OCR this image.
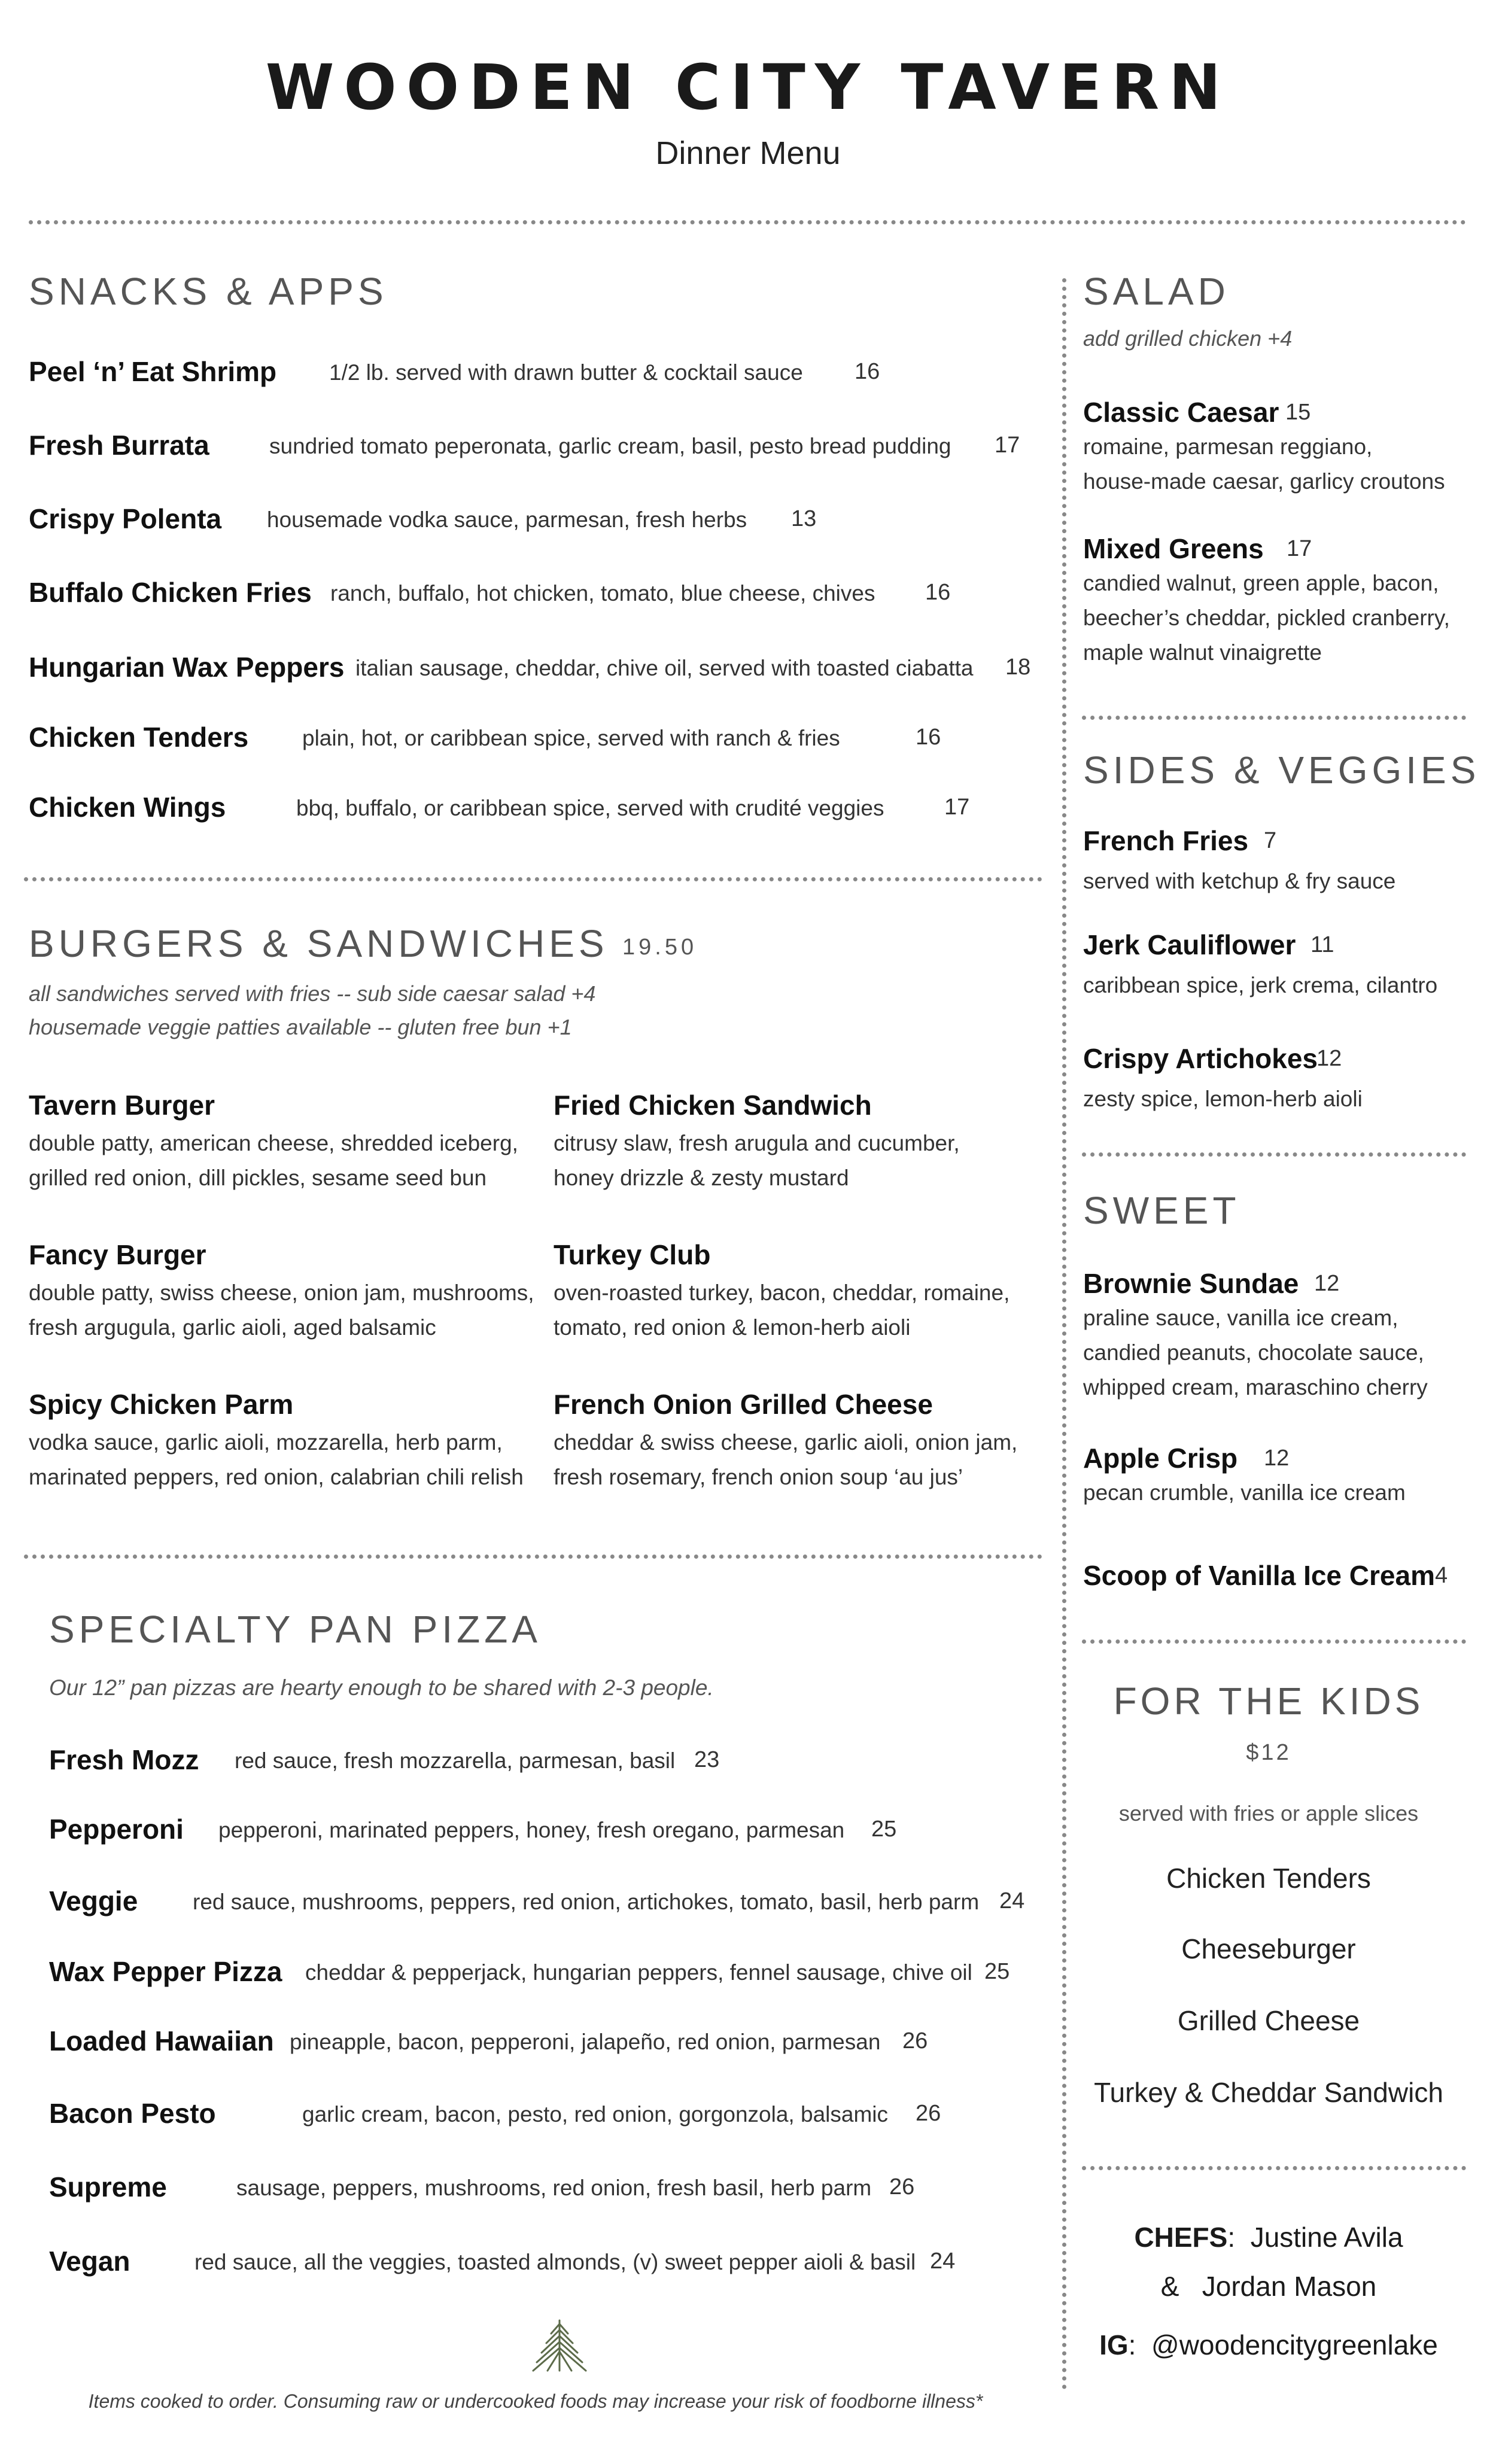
WOODEN CITY TAVERN
Dinner Menu
SNACKS & APPS
Peel ‘n’ Eat Shrimp 1/2 lb. served with drawn butter & cocktail sauce 16
Fresh Burrata	sundried tomato peperonata, garlic cream, basil, pesto bread pudding 17
Crispy Polenta housemade vodka sauce, parmesan, fresh herbs 13
Buffalo Chicken Fries ranch, buffalo, hot chicken, tomato, blue cheese, chives 16
Hungarian Wax Peppers italian sausage, cheddar, chive oil, served with toasted ciabatta 18
Chicken Tenders plain, hot, or caribbean spice, served with ranch & fries	16
Chicken Wings	bbq, buffalo, or caribbean spice, served with crudité veggies	17
BURGERS & SANDWICHES 19.50
all sandwiches served with fries -- sub side caesar salad +4
housemade veggie patties available -- gluten free bun +1
Tavern Burger
double patty, american cheese, shredded iceberg,
grilled red onion, dill pickles, sesame seed bun
Fried Chicken Sandwich
citrusy slaw, fresh arugula and cucumber,
honey drizzle & zesty mustard
Fancy Burger
double patty, swiss cheese, onion jam, mushrooms,
fresh argugula, garlic aioli, aged balsamic
Turkey Club
oven-roasted turkey, bacon, cheddar, romaine,
tomato, red onion & lemon-herb aioli
Spicy Chicken Parm
vodka sauce, garlic aioli, mozzarella, herb parm,
marinated peppers, red onion, calabrian chili relish
French Onion Grilled Cheese
cheddar & swiss cheese, garlic aioli, onion jam,
fresh rosemary, french onion soup ‘au jus’
SPECIALTY PAN PIZZA
Our 12” pan pizzas are hearty enough to be shared with 2-3 people.
Fresh Mozz red sauce, fresh mozzarella, parmesan, basil 23
Pepperoni pepperoni, marinated peppers, honey, fresh oregano, parmesan 25
Veggie red sauce, mushrooms, peppers, red onion, artichokes, tomato, basil, herb parm 24
Wax Pepper Pizza cheddar & pepperjack, hungarian peppers, fennel sausage, chive oil 25
Loaded Hawaiian pineapple, bacon, pepperoni, jalapeño, red onion, parmesan 26
Bacon Pesto	garlic cream, bacon, pesto, red onion, gorgonzola, balsamic 26
Supreme	sausage, peppers, mushrooms, red onion, fresh basil, herb parm 26
Vegan	red sauce, all the veggies, toasted almonds, (v) sweet pepper aioli & basil 24
Items cooked to order. Consuming raw or undercooked foods may increase your risk of foodborne illness*
SALAD
add grilled chicken +4
Classic Caesar 15
romaine, parmesan reggiano,
house-made caesar, garlicy croutons
Mixed Greens 17
candied walnut, green apple, bacon,
beecher’s cheddar, pickled cranberry,
maple walnut vinaigrette
SIDES & VEGGIES
French Fries 7
served with ketchup & fry sauce
Jerk Cauliflower 11
caribbean spice, jerk crema, cilantro
Crispy Artichokes
12
zesty spice, lemon-herb aioli
SWEET
Brownie Sundae 12
praline sauce, vanilla ice cream,
candied peanuts, chocolate sauce,
whipped cream, maraschino cherry
Apple Crisp 12
pecan crumble, vanilla ice cream
Scoop of Vanilla Ice Cream 4
FOR THE KIDS
$12
served with fries or apple slices
Chicken Tenders
Cheeseburger
Grilled Cheese
Turkey & Cheddar Sandwich
CHEFS:  Justine Avila
& Jordan Mason
IG:  @woodencitygreenlake
